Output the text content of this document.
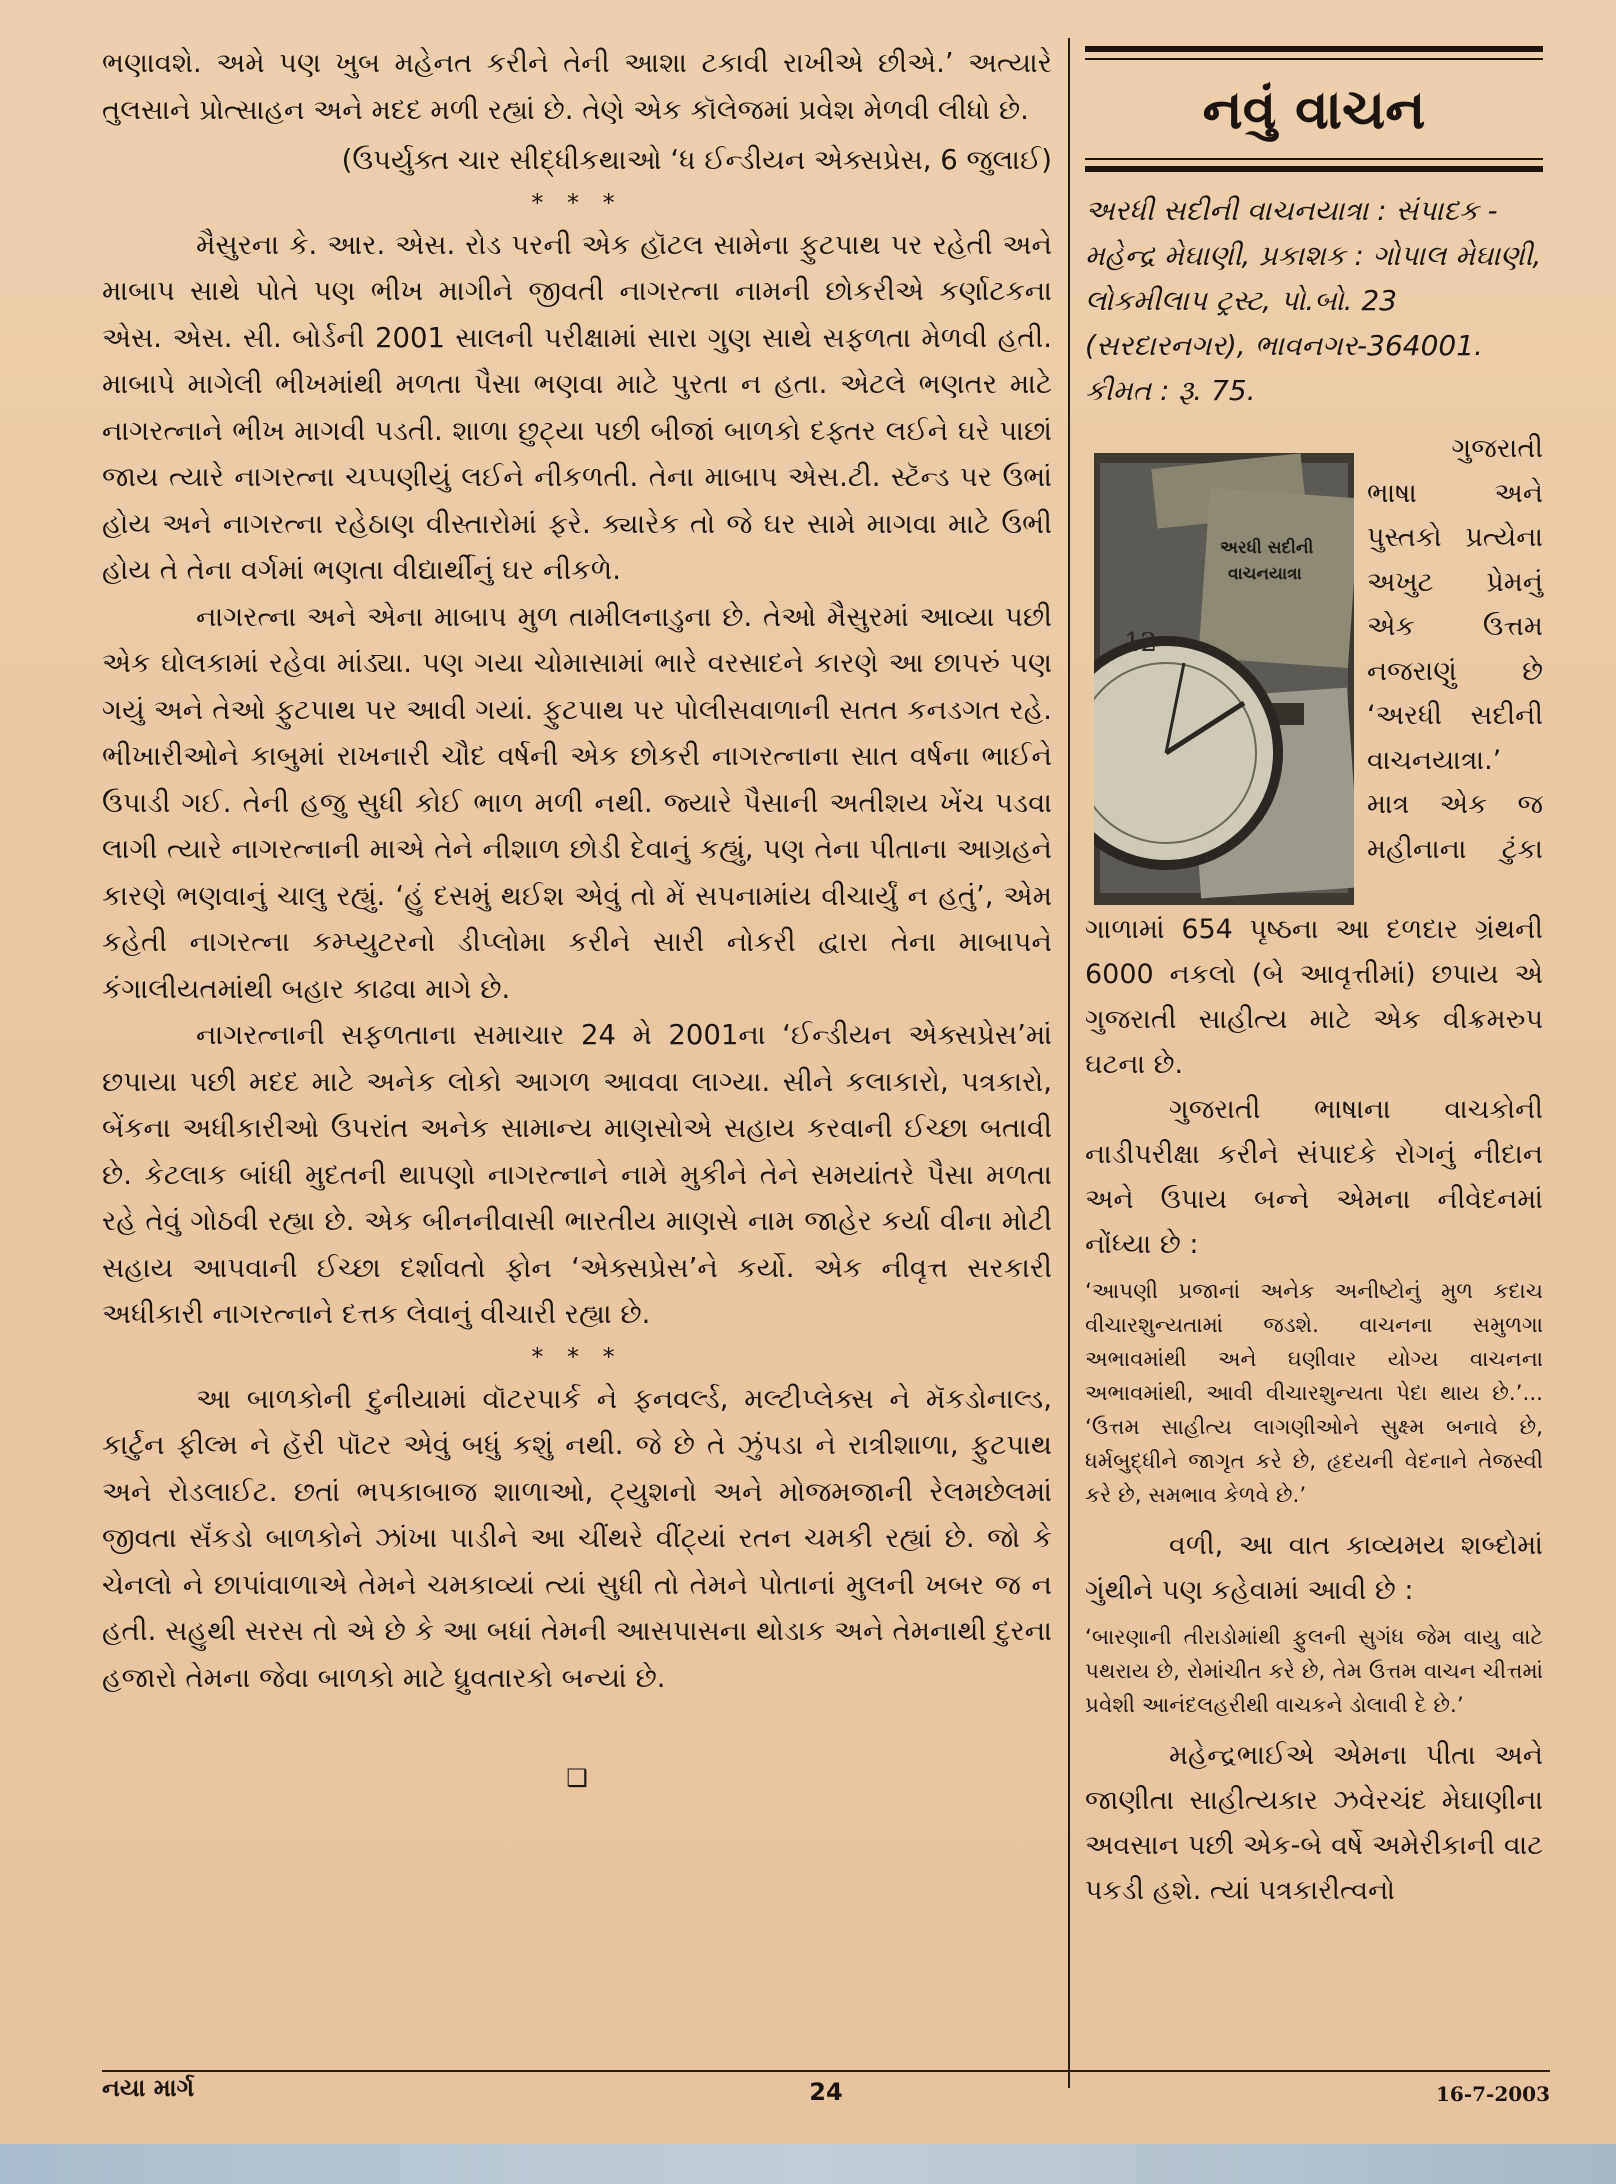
ભણાવશે. અમે પણ ખુબ મહેનત કરીને તેની આશા ટકાવી રાખીએ છીએ.’ અત્યારે તુલસાને પ્રોત્સાહન અને મદદ મળી રહ્યાં છે. તેણે એક કૉલેજમાં પ્રવેશ મેળવી લીધો છે.

(ઉપર્યુક્ત ચાર સીદ્ધીકથાઓ ‘ધ ઈન્ડીયન એક્સપ્રેસ, 6 જુલાઈ)

* * *

મૈસુરના કે. આર. એસ. રોડ પરની એક હૉટલ સામેના ફુટપાથ પર રહેતી અને માબાપ સાથે પોતે પણ ભીખ માગીને જીવતી નાગરત્ના નામની છોકરીએ કર્ણાટકના એસ. એસ. સી. બોર્ડની 2001 સાલની પરીક્ષામાં સારા ગુણ સાથે સફળતા મેળવી હતી. માબાપે માગેલી ભીખમાંથી મળતા પૈસા ભણવા માટે પુરતા ન હતા. એટલે ભણતર માટે નાગરત્નાને ભીખ માગવી પડતી. શાળા છુટ્યા પછી બીજાં બાળકો દફ્તર લઈને ઘરે પાછાં જાય ત્યારે નાગરત્ના ચપ્પણીયું લઈને નીકળતી. તેના માબાપ એસ.ટી. સ્ટૅન્ડ પર ઉભાં હોય અને નાગરત્ના રહેઠાણ વીસ્તારોમાં ફરે. ક્યારેક તો જે ઘર સામે માગવા માટે ઉભી હોય તે તેના વર્ગમાં ભણતા વીદ્યાર્થીનું ઘર નીકળે.

નાગરત્ના અને એના માબાપ મુળ તામીલનાડુના છે. તેઓ મૈસુરમાં આવ્યા પછી એક ઘોલકામાં રહેવા માંડ્યા. પણ ગયા ચોમાસામાં ભારે વરસાદને કારણે આ છાપરું પણ ગયું અને તેઓ ફુટપાથ પર આવી ગયાં. ફુટપાથ પર પોલીસવાળાની સતત કનડગત રહે. ભીખારીઓને કાબુમાં રાખનારી ચૌદ વર્ષની એક છોકરી નાગરત્નાના સાત વર્ષના ભાઈને ઉપાડી ગઈ. તેની હજુ સુધી કોઈ ભાળ મળી નથી. જ્યારે પૈસાની અતીશય ખેંચ પડવા લાગી ત્યારે નાગરત્નાની માએ તેને નીશાળ છોડી દેવાનું કહ્યું, પણ તેના પીતાના આગ્રહને કારણે ભણવાનું ચાલુ રહ્યું. ‘હું દસમું થઈશ એવું તો મેં સપનામાંય વીચાર્યું ન હતું’, એમ કહેતી નાગરત્ના કમ્પ્યુટરનો ડીપ્લોમા કરીને સારી નોકરી દ્વારા તેના માબાપને કંગાલીયતમાંથી બહાર કાઢવા માગે છે.

નાગરત્નાની સફળતાના સમાચાર 24 મે 2001ના ‘ઈન્ડીયન એક્સપ્રેસ’માં છપાયા પછી મદદ માટે અનેક લોકો આગળ આવવા લાગ્યા. સીને કલાકારો, પત્રકારો, બેંકના અધીકારીઓ ઉપરાંત અનેક સામાન્ય માણસોએ સહાય કરવાની ઈચ્છા બતાવી છે. કેટલાક બાંધી મુદતની થાપણો નાગરત્નાને નામે મુકીને તેને સમયાંતરે પૈસા મળતા રહે તેવું ગોઠવી રહ્યા છે. એક બીનનીવાસી ભારતીય માણસે નામ જાહેર કર્યા વીના મોટી સહાય આપવાની ઈચ્છા દર્શાવતો ફોન ‘એક્સપ્રેસ’ને કર્યો. એક નીવૃત્ત સરકારી અધીકારી નાગરત્નાને દત્તક લેવાનું વીચારી રહ્યા છે.

* * *

આ બાળકોની દુનીયામાં વૉટરપાર્ક ને ફનવર્લ્ડ, મલ્ટીપ્લેક્સ ને મૅકડોનાલ્ડ, કાર્ટુન ફીલ્મ ને હૅરી પૉટર એવું બધું કશું નથી. જે છે તે ઝુંપડા ને રાત્રીશાળા, ફુટપાથ અને રોડલાઈટ. છતાં ભપકાબાજ શાળાઓ, ટ્યુશનો અને મોજમજાની રેલમછેલમાં જીવતા સૅંકડો બાળકોને ઝાંખા પાડીને આ ચીંથરે વીંટ્યાં રતન ચમકી રહ્યાં છે. જો કે ચેનલો ને છાપાંવાળાએ તેમને ચમકાવ્યાં ત્યાં સુધી તો તેમને પોતાનાં મુલની ખબર જ ન હતી. સહુથી સરસ તો એ છે કે આ બધાં તેમની આસપાસના થોડાક અને તેમનાથી દુરના હજારો તેમના જેવા બાળકો માટે ધ્રુવતારકો બન્યાં છે.

❑
નવું વાચન
અરધી સદીની વાચનયાત્રા : સંપાદક - મહેન્દ્ર મેઘાણી, પ્રકાશક : ગોપાલ મેઘાણી, લોકમીલાપ ટ્રસ્ટ, પો.બો. 23 (સરદારનગર), ભાવનગર-364001. કીમત : રૂ. 75.
12
અરધી સદીની
વાચનયાત્રા
ગુજરાતી
ભાષા અને
પુસ્તકો પ્રત્યેના
અખુટ પ્રેમનું
એક ઉત્તમ
નજરાણું છે
‘અરધી સદીની
વાચનયાત્રા.’
માત્ર એક જ
મહીનાના ટુંકા

ગાળામાં 654 પૃષ્ઠના આ દળદાર ગ્રંથની 6000 નકલો (બે આવૃત્તીમાં) છપાય એ ગુજરાતી સાહીત્ય માટે એક વીક્રમરુપ ઘટના છે.

ગુજરાતી ભાષાના વાચકોની નાડીપરીક્ષા કરીને સંપાદકે રોગનું નીદાન અને ઉપાય બન્ને એમના નીવેદનમાં નોંધ્યા છે :

‘આપણી પ્રજાનાં અનેક અનીષ્ટોનું મુળ કદાચ વીચારશુન્યતામાં જડશે. વાચનના સમુળગા અભાવમાંથી અને ઘણીવાર યોગ્ય વાચનના અભાવમાંથી, આવી વીચારશુન્યતા પેદા થાય છે.’... ‘ઉત્તમ સાહીત્ય લાગણીઓને સુક્ષ્મ બનાવે છે, ધર્મબુદ્ધીને જાગૃત કરે છે, હૃદયની વેદનાને તેજસ્વી કરે છે, સમભાવ કેળવે છે.’

વળી, આ વાત કાવ્યમય શબ્દોમાં ગુંથીને પણ કહેવામાં આવી છે :

‘બારણાની તીરાડોમાંથી ફુલની સુગંધ જેમ વાયુ વાટે પથરાય છે, રોમાંચીત કરે છે, તેમ ઉત્તમ વાચન ચીત્તમાં પ્રવેશી આનંદલહરીથી વાચકને ડોલાવી દે છે.’

મહેન્દ્રભાઈએ એમના પીતા અને જાણીતા સાહીત્યકાર ઝવેરચંદ મેઘાણીના અવસાન પછી એક-બે વર્ષે અમેરીકાની વાટ પકડી હશે. ત્યાં પત્રકારીત્વનો

નયા માર્ગ	24	16-7-2003
